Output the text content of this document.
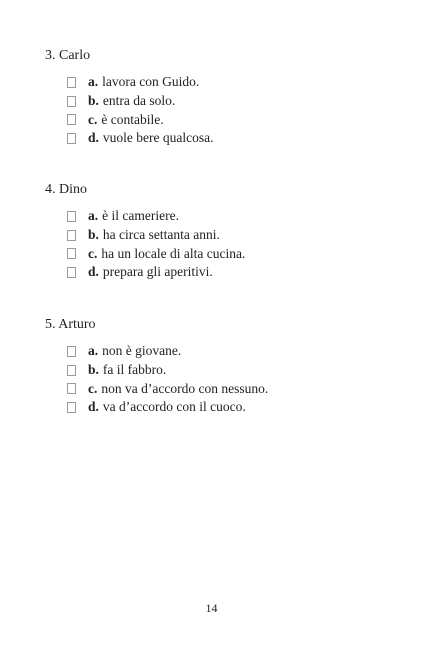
3. Carlo

a. lavora con Guido.
b. entra da solo.
c. è contabile.
d. vuole bere qualcosa.

4. Dino

a. è il cameriere.
b. ha circa settanta anni.
c. ha un locale di alta cucina.
d. prepara gli aperitivi.

5. Arturo

a. non è giovane.
b. fa il fabbro.
c. non va d’accordo con nessuno.
d. va d’accordo con il cuoco.
14
